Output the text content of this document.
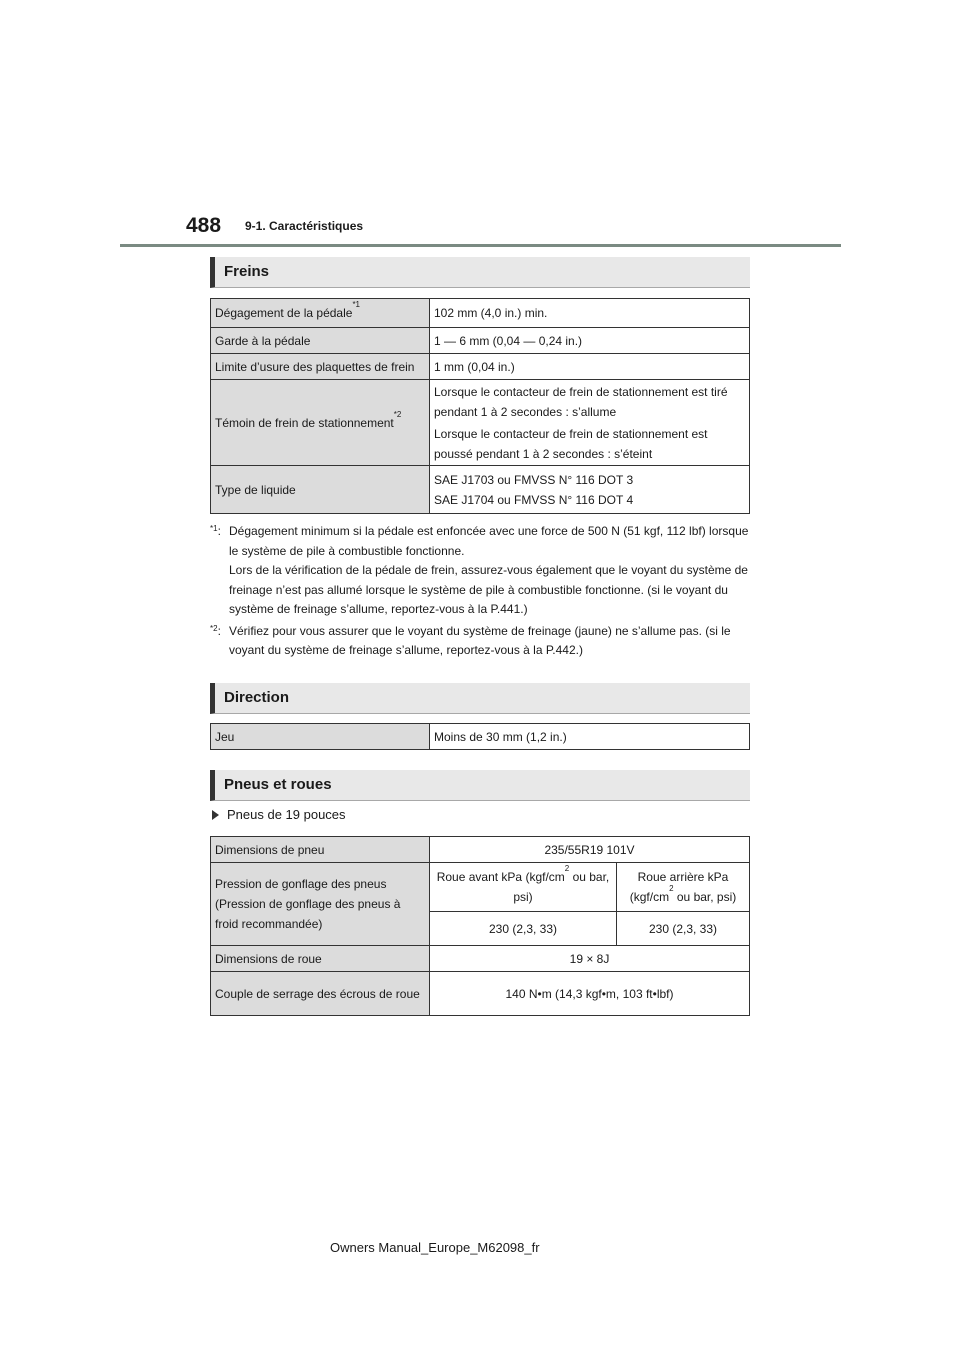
488 9-1. Caractéristiques
Freins
Dégagement de la pédale$^{*1}$	102 mm (4,0 in.) min.
Garde à la pédale	1 — 6 mm (0,04 — 0,24 in.)
Limite d’usure des plaquettes de frein	1 mm (0,04 in.)
Témoin de frein de stationnement$^{*2}$	Lorsque le contacteur de frein de stationnement est tiré pendant 1 à 2 secondes : s’allume

Lorsque le contacteur de frein de stationnement est poussé pendant 1 à 2 secondes : s’éteint

Type de liquide	SAE J1703 ou FMVSS N° 116 DOT 3

SAE J1704 ou FMVSS N° 116 DOT 4

$^{*1}$: Dégagement minimum si la pédale est enfoncée avec une force de 500 N (51 kgf, 112 lbf) lorsque le système de pile à combustible fonctionne.

Lors de la vérification de la pédale de frein, assurez-vous également que le voyant du système de freinage n’est pas allumé lorsque le système de pile à combustible fonctionne. (si le voyant du système de freinage s’allume, reportez-vous à la P.441.)

$^{*2}$: Vérifiez pour vous assurer que le voyant du système de freinage (jaune) ne s’allume pas. (si le voyant du système de freinage s’allume, reportez-vous à la P.442.)

Direction
Jeu	Moins de 30 mm (1,2 in.)
Pneus et roues
Pneus de 19 pouces
Dimensions de pneu	235/55R19 101V	

Pression de gonflage des pneus

(Pression de gonflage des pneus à froid recommandée)	Roue avant kPa ($kgf/cm^2$ ou bar, psi)	Roue arrière kPa ($kgf/cm^2$ ou bar, psi)
	230 (2,3, 33)	230 (2,3, 33)
Dimensions de roue	19 × 8J	
Couple de serrage des écrous de roue	140 N•m (14,3 kgf•m, 103 ft•lbf)	
Owners Manual_Europe_M62098_fr
